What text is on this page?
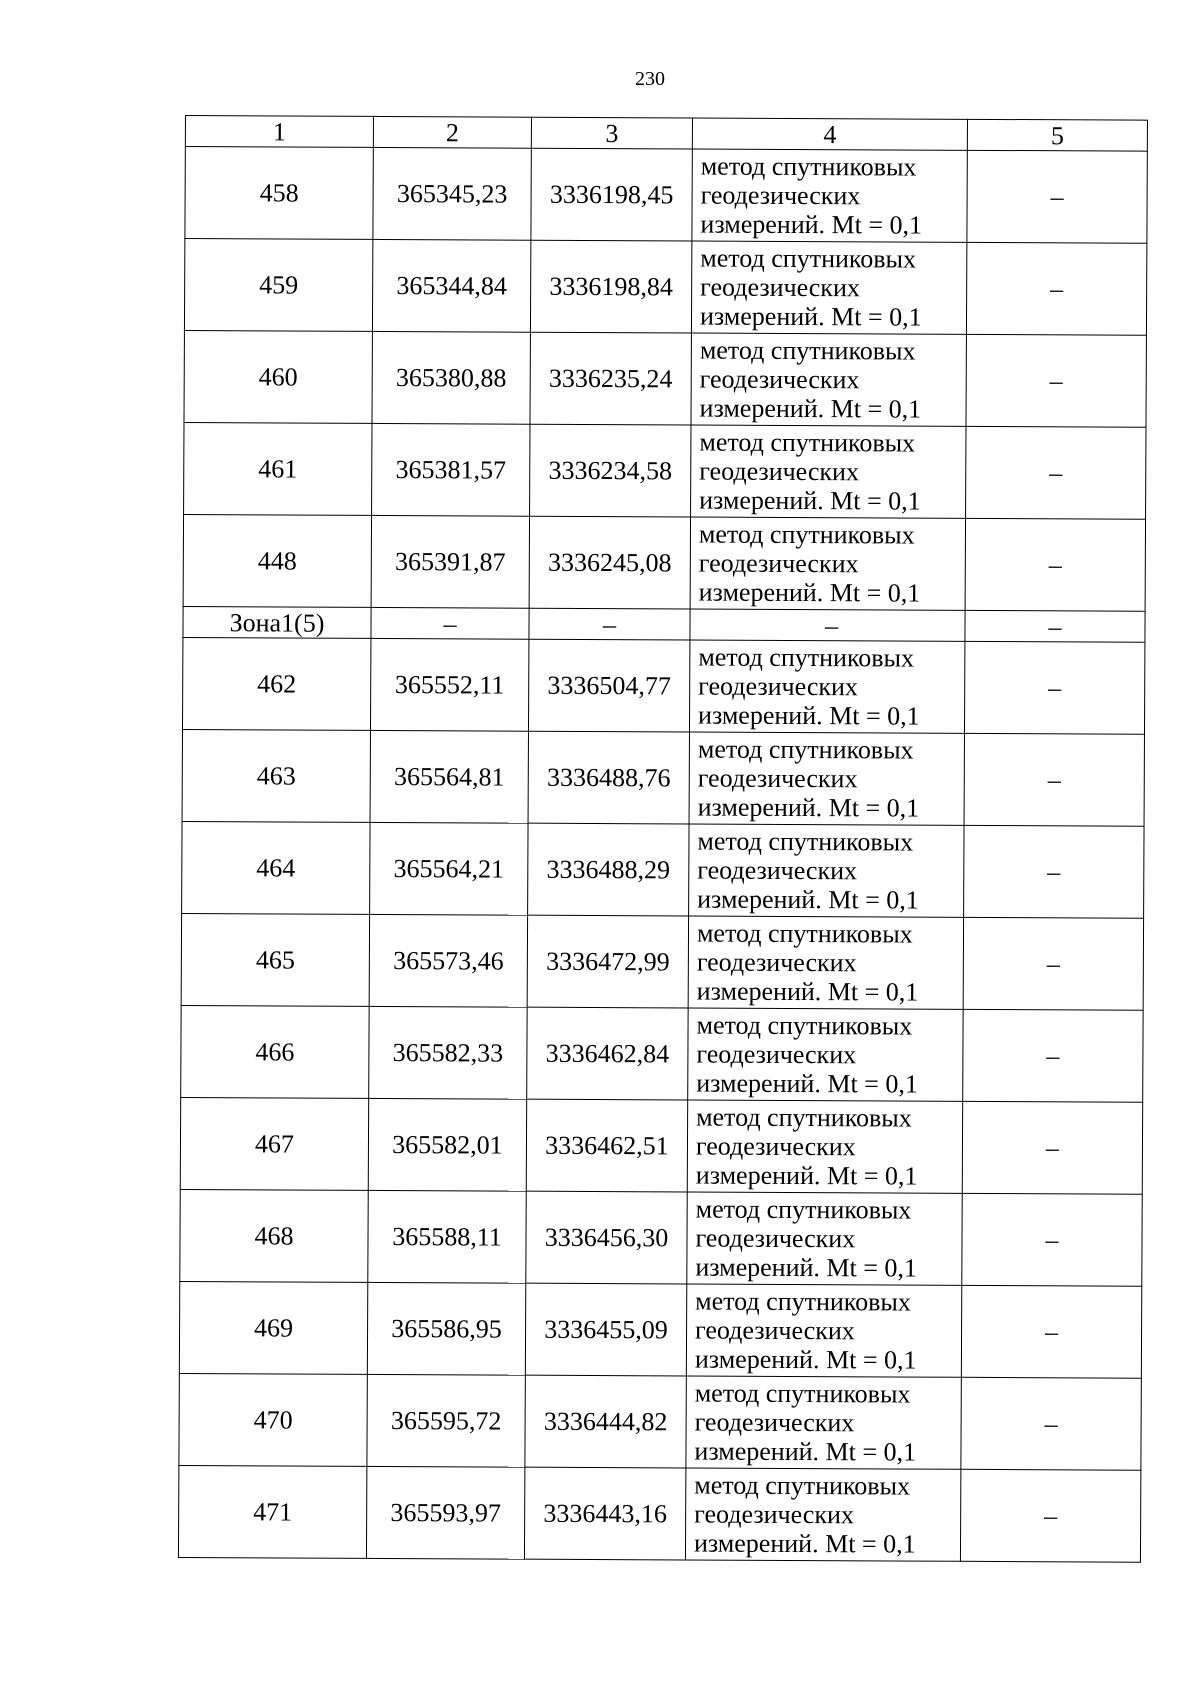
230
1	2	3	4	5
458	365345,23	3336198,45	метод спутниковых
геодезических
измерений. Mt = 0,1	–
459	365344,84	3336198,84	метод спутниковых
геодезических
измерений. Mt = 0,1	–
460	365380,88	3336235,24	метод спутниковых
геодезических
измерений. Mt = 0,1	–
461	365381,57	3336234,58	метод спутниковых
геодезических
измерений. Mt = 0,1	–
448	365391,87	3336245,08	метод спутниковых
геодезических
измерений. Mt = 0,1	–
Зона1(5)	–	–	–	–
462	365552,11	3336504,77	метод спутниковых
геодезических
измерений. Mt = 0,1	–
463	365564,81	3336488,76	метод спутниковых
геодезических
измерений. Mt = 0,1	–
464	365564,21	3336488,29	метод спутниковых
геодезических
измерений. Mt = 0,1	–
465	365573,46	3336472,99	метод спутниковых
геодезических
измерений. Mt = 0,1	–
466	365582,33	3336462,84	метод спутниковых
геодезических
измерений. Mt = 0,1	–
467	365582,01	3336462,51	метод спутниковых
геодезических
измерений. Mt = 0,1	–
468	365588,11	3336456,30	метод спутниковых
геодезических
измерений. Mt = 0,1	–
469	365586,95	3336455,09	метод спутниковых
геодезических
измерений. Mt = 0,1	–
470	365595,72	3336444,82	метод спутниковых
геодезических
измерений. Mt = 0,1	–
471	365593,97	3336443,16	метод спутниковых
геодезических
измерений. Mt = 0,1	–
